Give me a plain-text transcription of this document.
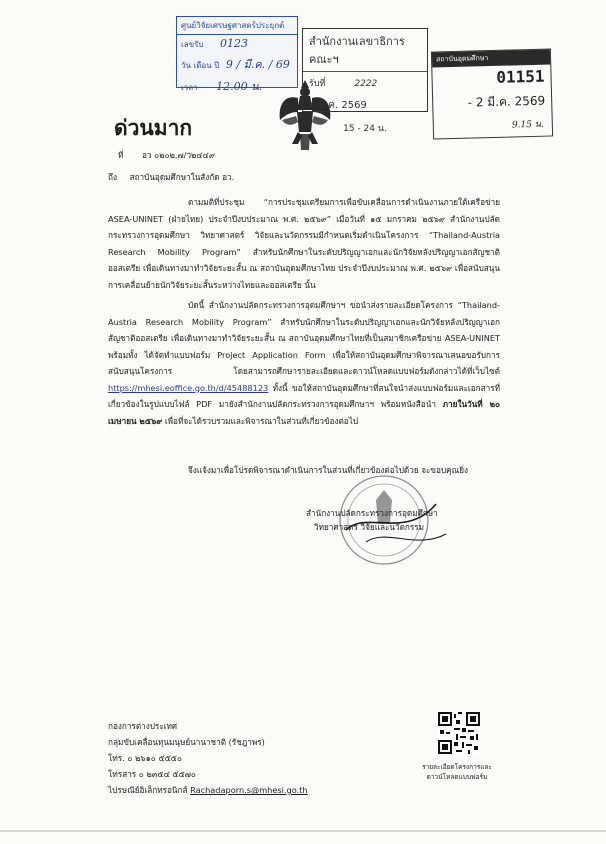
ศูนย์วิจัยเศรษฐศาสตร์ประยุกต์
เลขรับ 0123
วัน เดือน ปี 9 / มี.ค. / 69
เวลา 12.00 น.
สำนักงานเลขาธิการคณะฯ
รับที่	2222
4 มี.ค. 2569
15 - 24 น.
สถาบันอุดมศึกษา
01151
- 2 มี.ค. 2569
9.15 น.
ด่วนมาก
ที่ อว ๐๒๐๒.๗/ว๒๔๔๙
ถึง สถาบันอุดมศึกษาในสังกัด อว.
ตามมติที่ประชุม “การประชุมเตรียมการเพื่อขับเคลื่อนการดำเนินงานภายใต้เครือข่าย ASEA-UNINET (ฝ่ายไทย) ประจำปีงบประมาณ พ.ศ. ๒๕๖๙” เมื่อวันที่ ๑๕ มกราคม ๒๕๖๙ สำนักงานปลัดกระทรวงการอุดมศึกษา วิทยาศาสตร์ วิจัยและนวัตกรรมมีกำหนดเริ่มดำเนินโครงการ “Thailand-Austria Research Mobility Program” สำหรับนักศึกษาในระดับปริญญาเอกและนักวิจัยหลังปริญญาเอกสัญชาติออสเตรีย เพื่อเดินทางมาทำวิจัยระยะสั้น ณ สถาบันอุดมศึกษาไทย ประจำปีงบประมาณ พ.ศ. ๒๕๖๙ เพื่อสนับสนุนการเคลื่อนย้ายนักวิจัยระยะสั้นระหว่างไทยและออสเตรีย นั้น
บัดนี้ สำนักงานปลัดกระทรวงการอุดมศึกษาฯ ขอนำส่งรายละเอียดโครงการ “Thailand-Austria Research Mobility Program” สำหรับนักศึกษาในระดับปริญญาเอกและนักวิจัยหลังปริญญาเอกสัญชาติออสเตรีย เพื่อเดินทางมาทำวิจัยระยะสั้น ณ สถาบันอุดมศึกษาไทยที่เป็นสมาชิกเครือข่าย ASEA-UNINET พร้อมทั้ง ได้จัดทำแบบฟอร์ม Project Application Form เพื่อให้สถาบันอุดมศึกษาพิจารณาเสนอขอรับการสนับสนุนโครงการ โดยสามารถศึกษารายละเอียดและดาวน์โหลดแบบฟอร์มดังกล่าวได้ที่เว็บไซต์ https://mhesi.eoffice.go.th/d/45488123 ทั้งนี้ ขอให้สถาบันอุดมศึกษาที่สนใจนำส่งแบบฟอร์มและเอกสารที่เกี่ยวข้องในรูปแบบไฟล์ PDF มายังสำนักงานปลัดกระทรวงการอุดมศึกษาฯ พร้อมหนังสือนำ ภายในวันที่ ๒๐ เมษายน ๒๕๖๙ เพื่อที่จะได้รวบรวมและพิจารณาในส่วนที่เกี่ยวข้องต่อไป
จึงแจ้งมาเพื่อโปรดพิจารณาดำเนินการในส่วนที่เกี่ยวข้องต่อไปด้วย จะขอบคุณยิ่ง
สำนักงานปลัดกระทรวงการอุดมศึกษา
วิทยาศาสตร์ วิจัยและนวัตกรรม
กองการต่างประเทศ
กลุ่มขับเคลื่อนทุนมนุษย์นานาชาติ (รัชฎาพร)
โทร. ๐ ๒๖๑๐ ๕๕๕๐
โทรสาร ๐ ๒๓๕๔ ๕๕๗๐
ไปรษณีย์อิเล็กทรอนิกส์ Rachadaporn.s@mhesi.go.th
รายละเอียดโครงการและ
ดาวน์โหลดแบบฟอร์ม
